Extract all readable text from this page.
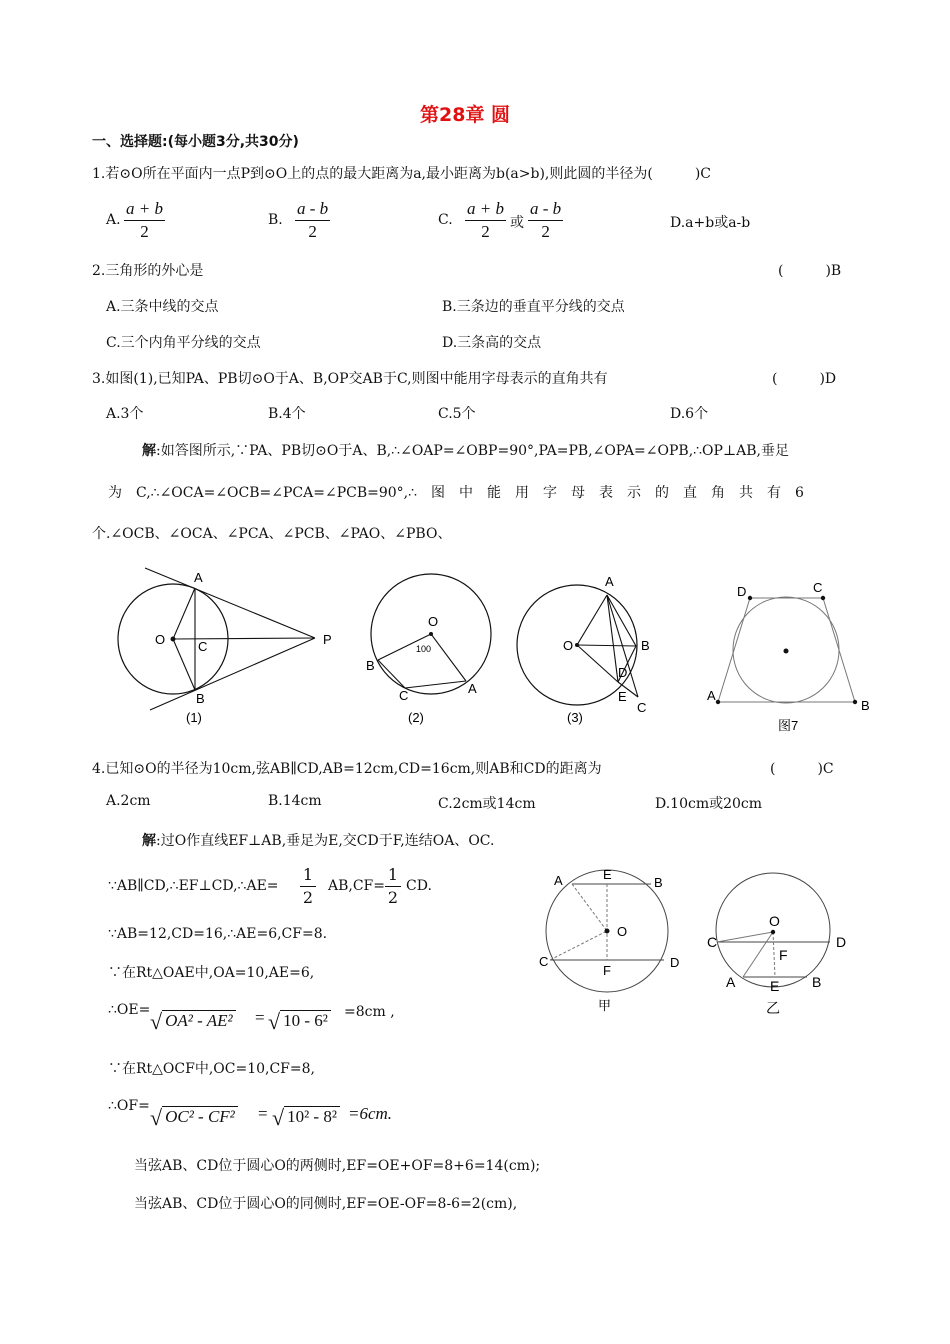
第28章 圆
一、选择题:(每小题3分,共30分)
1.若⊙O所在平面内一点P到⊙O上的点的最大距离为a,最小距离为b(a>b),则此圆的半径为(　　　)C
A. $\frac{a + b}{2}$	B. $\frac{a - b}{2}$	C. $\frac{a + b}{2}$ 或 $\frac{a - b}{2}$	D.a+b或a-b
2.三角形的外心是	(　　　)B
A.三条中线的交点	B.三条边的垂直平分线的交点
C.三个内角平分线的交点	D.三条高的交点
3.如图(1),已知PA、PB切⊙O于A、B,OP交AB于C,则图中能用字母表示的直角共有	(　　　)D
A.3个	B.4个	C.5个	D.6个
解:如答图所示,∵PA、PB切⊙O于A、B,∴∠OAP=∠OBP=90°,PA=PB,∠OPA=∠OPB,∴OP⊥AB,垂足
为　C,∴∠OCA=∠OCB=∠PCA=∠PCB=90°,∴　图　中　能　用　字　母　表　示　的　直　角　共　有　6
个.∠OCB、∠OCA、∠PCA、∠PCB、∠PAO、∠PBO、
A
B
O	C	P
(1)
O
100
B
C	A
(2)
A
O	B
D
E
C
(3)
D	C
A
B
图7
4.已知⊙O的半径为10cm,弦AB∥CD,AB=12cm,CD=16cm,则AB和CD的距离为	(　　　)C
A.2cm	B.14cm	C.2cm或14cm	D.10cm或20cm
解:过O作直线EF⊥AB,垂足为E,交CD于F,连结OA、OC.
∵AB∥CD,∴EF⊥CD,∴AE=
1
2
AB,CF=
1
2
CD.
∵AB=12,CD=16,∴AE=6,CF=8.
∵在Rt△OAE中,OA=10,AE=6,
∴OE= √ OA² - AE² = √ 10 - 6² =8cm ,
∵在Rt△OCF中,OC=10,CF=8,
∴OF= √ OC² - CF² = √ 10² - 8² =6cm.
当弦AB、CD位于圆心O的两侧时,EF=OE+OF=8+6=14(cm);
当弦AB、CD位于圆心O的同侧时,EF=OE-OF=8-6=2(cm),
A	E
B
O
C
F
D
甲
O
C	D
F
A E B
乙
